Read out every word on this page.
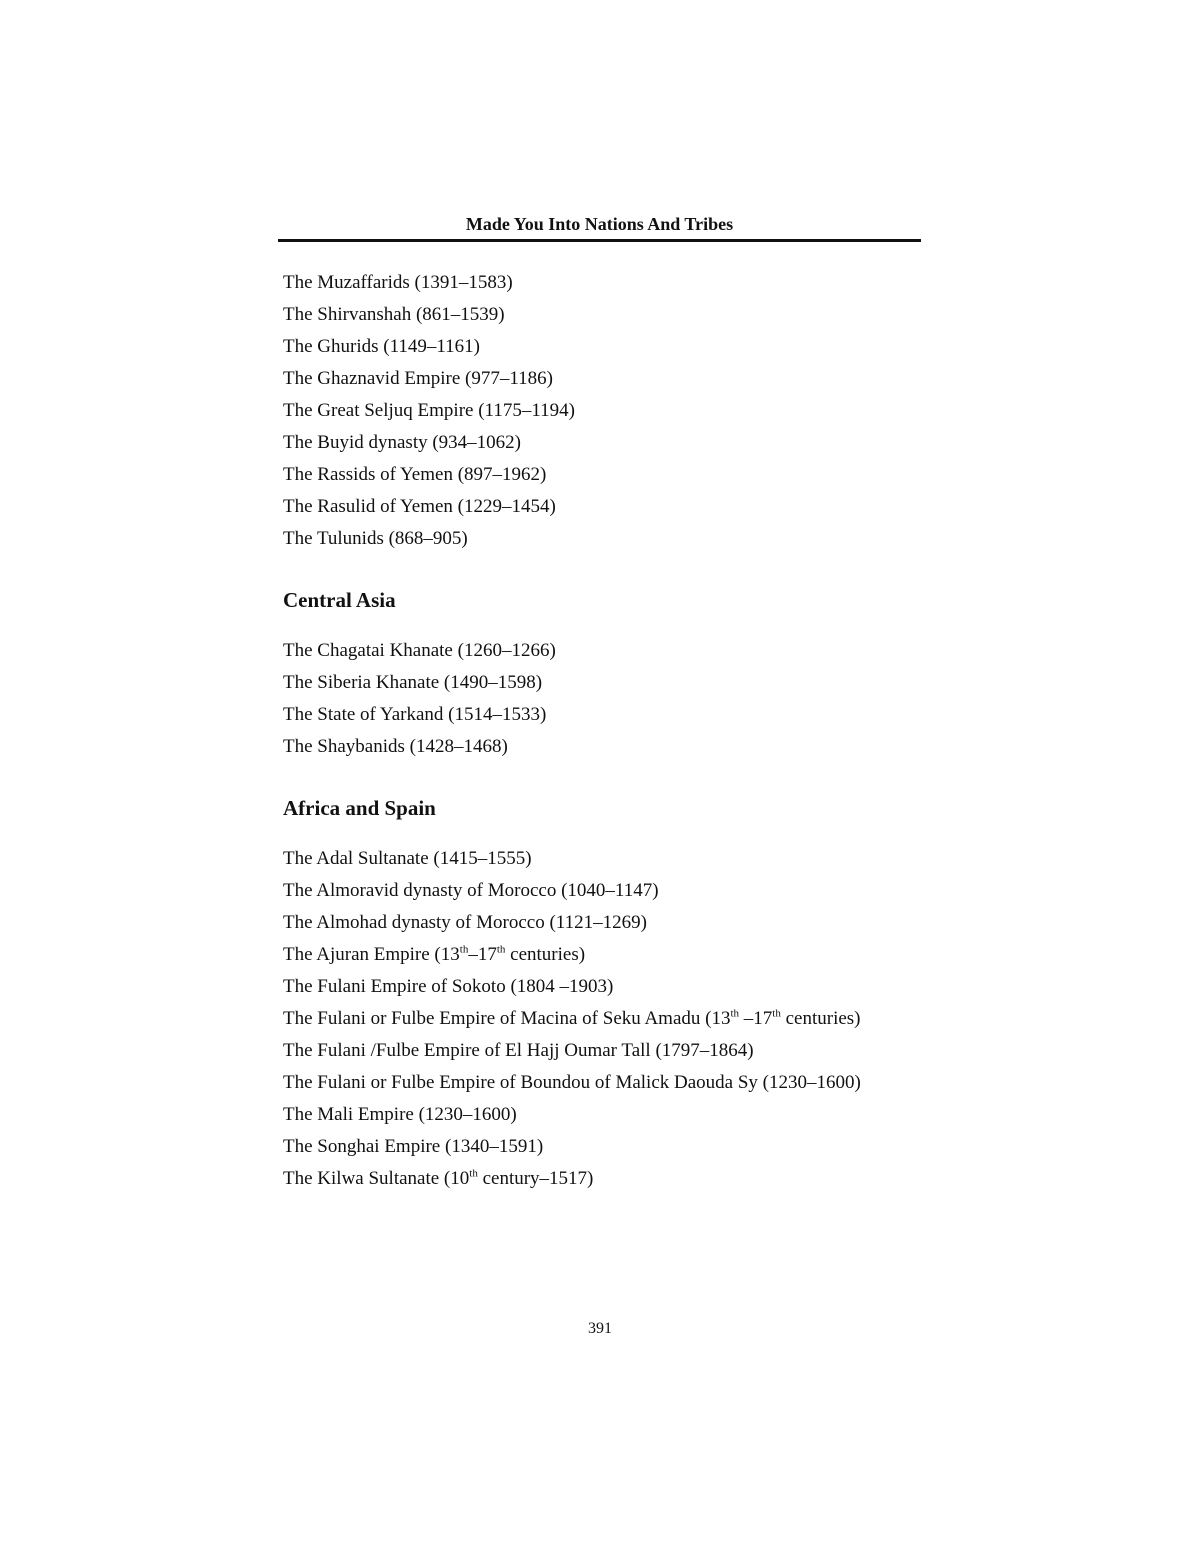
Made You Into Nations And Tribes
The Muzaffarids (1391–1583)
The Shirvanshah (861–1539)
The Ghurids (1149–1161)
The Ghaznavid Empire (977–1186)
The Great Seljuq Empire (1175–1194)
The Buyid dynasty (934–1062)
The Rassids of Yemen (897–1962)
The Rasulid of Yemen (1229–1454)
The Tulunids (868–905)
Central Asia
The Chagatai Khanate (1260–1266)
The Siberia Khanate (1490–1598)
The State of Yarkand (1514–1533)
The Shaybanids (1428–1468)
Africa and Spain
The Adal Sultanate (1415–1555)
The Almoravid dynasty of Morocco (1040–1147)
The Almohad dynasty of Morocco (1121–1269)
The Ajuran Empire (13th–17th centuries)
The Fulani Empire of Sokoto (1804 –1903)
The Fulani or Fulbe Empire of Macina of Seku Amadu (13th –17th centuries)
The Fulani /Fulbe Empire of El Hajj Oumar Tall (1797–1864)
The Fulani or Fulbe Empire of Boundou of Malick Daouda Sy (1230–1600)
The Mali Empire (1230–1600)
The Songhai Empire (1340–1591)
The Kilwa Sultanate (10th century–1517)
391
